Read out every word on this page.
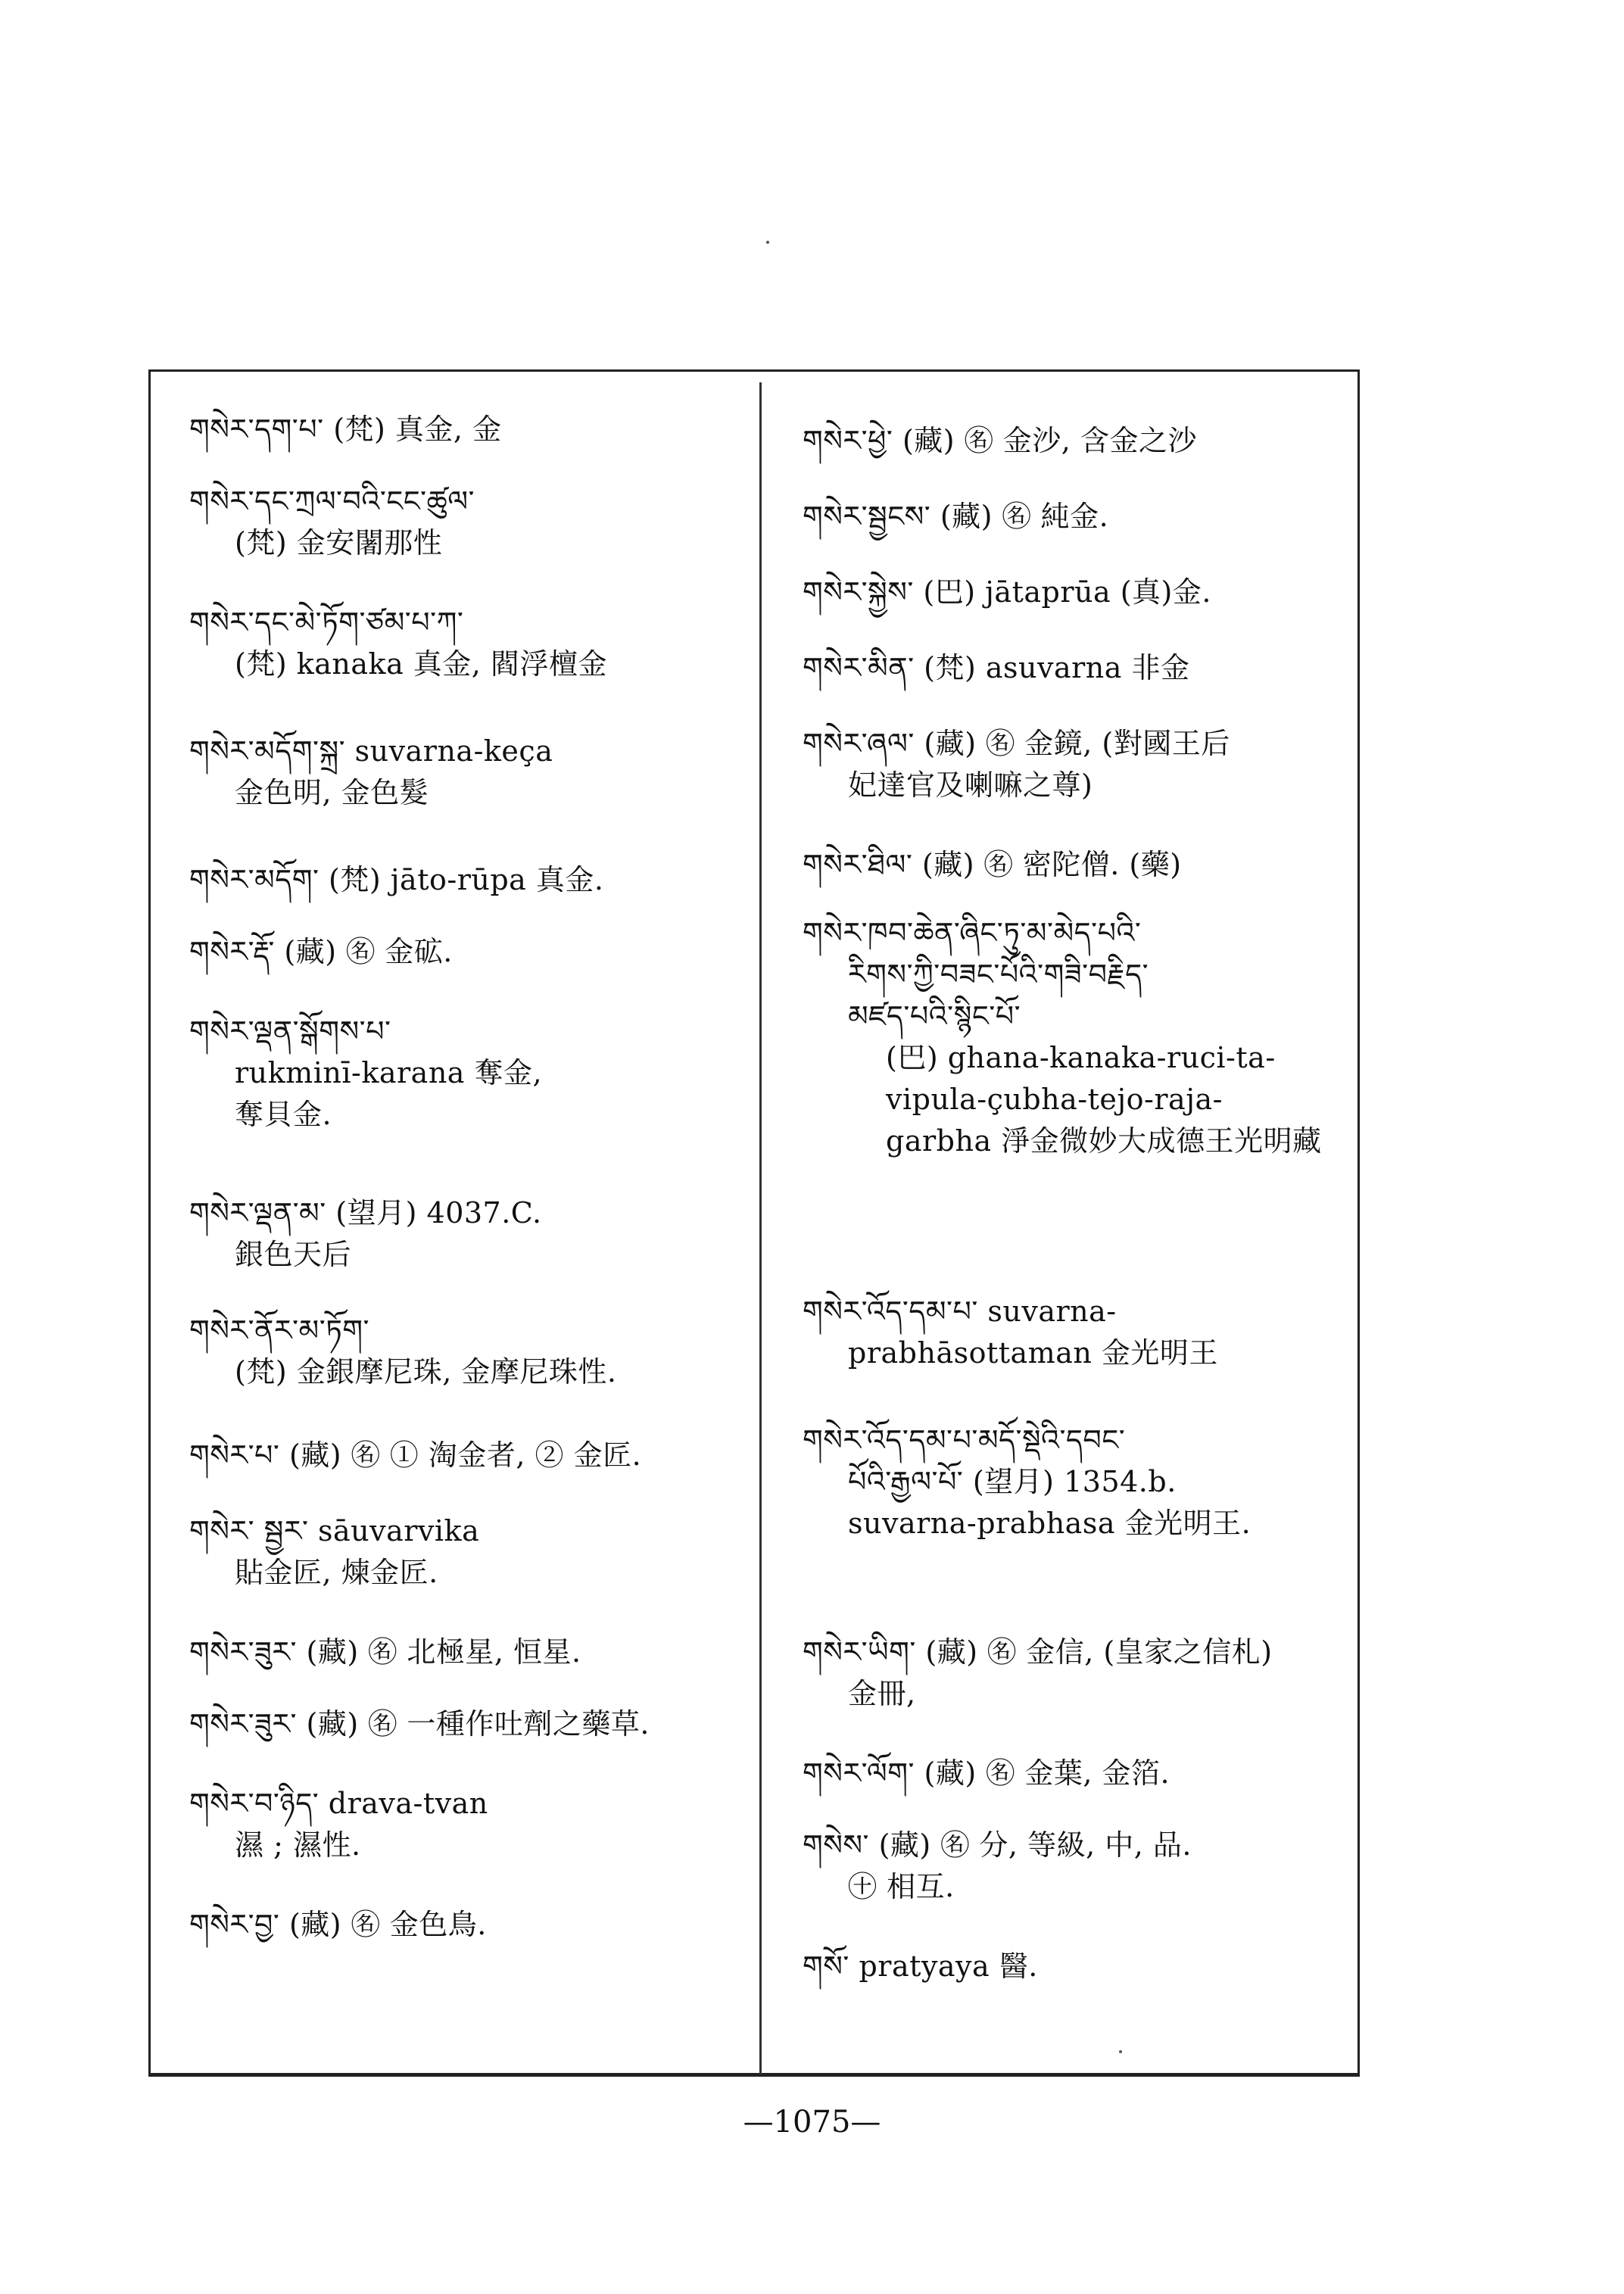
གསེར་དག་པ་ (梵) 真金, 金
གསེར་དང་ཀྲལ་བའི་ངང་ཚུལ་
(梵) 金安闍那性
གསེར་དང་མེ་ཏོག་ཙམ་པ་ཀ་
(梵) kanaka 真金, 閻浮檀金
གསེར་མདོག་སྐྲ་ suvarna-keça
金色明, 金色髮
གསེར་མདོག་ (梵) jāto-rūpa 真金.
གསེར་རྡོ་ (藏) ㊔ 金砿.
གསེར་ལྡན་སྒོགས་པ་
rukminī-karana 奪金,
奪貝金.
གསེར་ལྡན་མ་ (望月) 4037.C.
銀色天后
གསེར་ནོར་མ་ཏོག་
(梵) 金銀摩尼珠, 金摩尼珠性.
གསེར་པ་ (藏) ㊔ ① 淘金者, ② 金匠.
གསེར་ སྦྱར་ sāuvarvika
貼金匠, 煉金匠.
གསེར་ཟུར་ (藏) ㊔ 北極星, 恒星.
གསེར་ཟུར་ (藏) ㊔ 一種作吐劑之藥草.
གསེར་བ་ཉིད་ drava-tvan
濕 ; 濕性.
གསེར་བྱ་ (藏) ㊔ 金色鳥.
གསེར་ཕྱེ་ (藏) ㊔ 金沙, 含金之沙
གསེར་སྦྱངས་ (藏) ㊔ 純金.
གསེར་སྐྱེས་ (巴) jātaprūa (真)金.
གསེར་མིན་ (梵) asuvarna 非金
གསེར་ཞལ་ (藏) ㊔ 金鏡, (對國王后
妃達官及喇嘛之尊)
གསེར་ཐིལ་ (藏) ㊔ 密陀僧. (藥)
གསེར་ཁབ་ཆེན་ཞིང་ཏུ་མ་མེད་པའི་
རིགས་ཀྱི་བཟང་པོའི་གཟི་བརྗིད་
མཛད་པའི་སྙིང་པོ་
(巴) ghana-kanaka-ruci-ta-
vipula-çubha-tejo-raja-
garbha 淨金微妙大成德王光明藏
གསེར་འོད་དམ་པ་ suvarna-
prabhāsottaman 金光明王
གསེར་འོད་དམ་པ་མདོ་སྡེའི་དབང་
པོའི་རྒྱལ་པོ་ (望月) 1354.b.
suvarna-prabhasa 金光明王.
གསེར་ཡིག་ (藏) ㊔ 金信, (皇家之信札)
金冊,
གསེར་ལོག་ (藏) ㊔ 金葉, 金箔.
གསེས་ (藏) ㊔ 分, 等級, 中, 品.
㊉ 相互.
གསོ་ pratyaya 醫.
—1075—
